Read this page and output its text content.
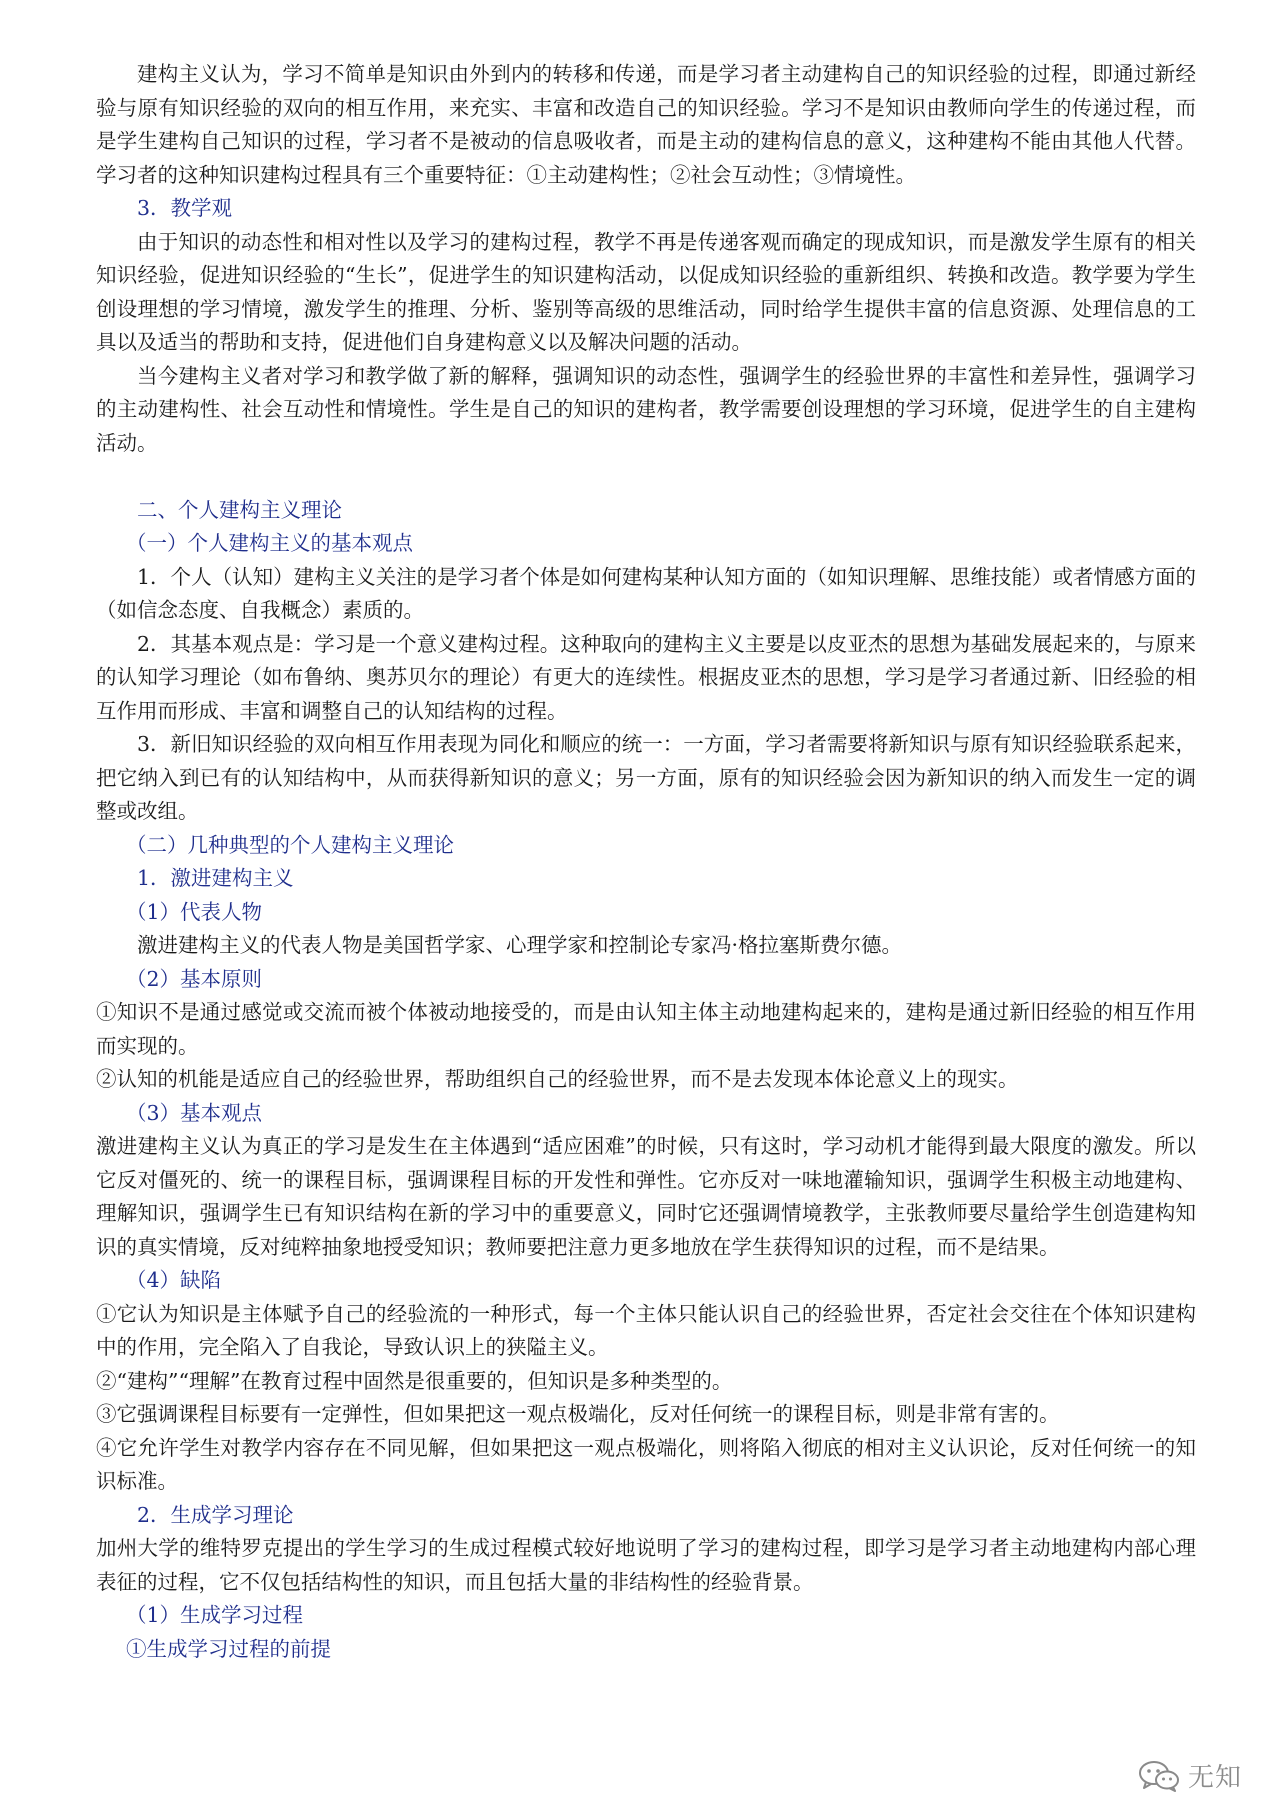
建构主义认为，学习不简单是知识由外到内的转移和传递，而是学习者主动建构自己的知识经验的过程，即通过新经验与原有知识经验的双向的相互作用，来充实、丰富和改造自己的知识经验。学习不是知识由教师向学生的传递过程，而是学生建构自己知识的过程，学习者不是被动的信息吸收者，而是主动的建构信息的意义，这种建构不能由其他人代替。学习者的这种知识建构过程具有三个重要特征：①主动建构性；②社会互动性；③情境性。

3．教学观

由于知识的动态性和相对性以及学习的建构过程，教学不再是传递客观而确定的现成知识，而是激发学生原有的相关知识经验，促进知识经验的“生长”，促进学生的知识建构活动，以促成知识经验的重新组织、转换和改造。教学要为学生创设理想的学习情境，激发学生的推理、分析、鉴别等高级的思维活动，同时给学生提供丰富的信息资源、处理信息的工具以及适当的帮助和支持，促进他们自身建构意义以及解决问题的活动。

当今建构主义者对学习和教学做了新的解释，强调知识的动态性，强调学生的经验世界的丰富性和差异性，强调学习的主动建构性、社会互动性和情境性。学生是自己的知识的建构者，教学需要创设理想的学习环境，促进学生的自主建构活动。

二、个人建构主义理论

（一）个人建构主义的基本观点

1．个人（认知）建构主义关注的是学习者个体是如何建构某种认知方面的（如知识理解、思维技能）或者情感方面的（如信念态度、自我概念）素质的。

2．其基本观点是：学习是一个意义建构过程。这种取向的建构主义主要是以皮亚杰的思想为基础发展起来的，与原来的认知学习理论（如布鲁纳、奥苏贝尔的理论）有更大的连续性。根据皮亚杰的思想，学习是学习者通过新、旧经验的相互作用而形成、丰富和调整自己的认知结构的过程。

3．新旧知识经验的双向相互作用表现为同化和顺应的统一：一方面，学习者需要将新知识与原有知识经验联系起来，把它纳入到已有的认知结构中，从而获得新知识的意义；另一方面，原有的知识经验会因为新知识的纳入而发生一定的调整或改组。

（二）几种典型的个人建构主义理论

1．激进建构主义

（1）代表人物

激进建构主义的代表人物是美国哲学家、心理学家和控制论专家冯·格拉塞斯费尔德。

（2）基本原则

①知识不是通过感觉或交流而被个体被动地接受的，而是由认知主体主动地建构起来的，建构是通过新旧经验的相互作用而实现的。

②认知的机能是适应自己的经验世界，帮助组织自己的经验世界，而不是去发现本体论意义上的现实。

（3）基本观点

激进建构主义认为真正的学习是发生在主体遇到“适应困难”的时候，只有这时，学习动机才能得到最大限度的激发。所以它反对僵死的、统一的课程目标，强调课程目标的开发性和弹性。它亦反对一味地灌输知识，强调学生积极主动地建构、理解知识，强调学生已有知识结构在新的学习中的重要意义，同时它还强调情境教学，主张教师要尽量给学生创造建构知识的真实情境，反对纯粹抽象地授受知识；教师要把注意力更多地放在学生获得知识的过程，而不是结果。

（4）缺陷

①它认为知识是主体赋予自己的经验流的一种形式，每一个主体只能认识自己的经验世界，否定社会交往在个体知识建构中的作用，完全陷入了自我论，导致认识上的狭隘主义。

②“建构”“理解”在教育过程中固然是很重要的，但知识是多种类型的。

③它强调课程目标要有一定弹性，但如果把这一观点极端化，反对任何统一的课程目标，则是非常有害的。

④它允许学生对教学内容存在不同见解，但如果把这一观点极端化，则将陷入彻底的相对主义认识论，反对任何统一的知识标准。

2．生成学习理论

加州大学的维特罗克提出的学生学习的生成过程模式较好地说明了学习的建构过程，即学习是学习者主动地建构内部心理表征的过程，它不仅包括结构性的知识，而且包括大量的非结构性的经验背景。

（1）生成学习过程

①生成学习过程的前提

无知
